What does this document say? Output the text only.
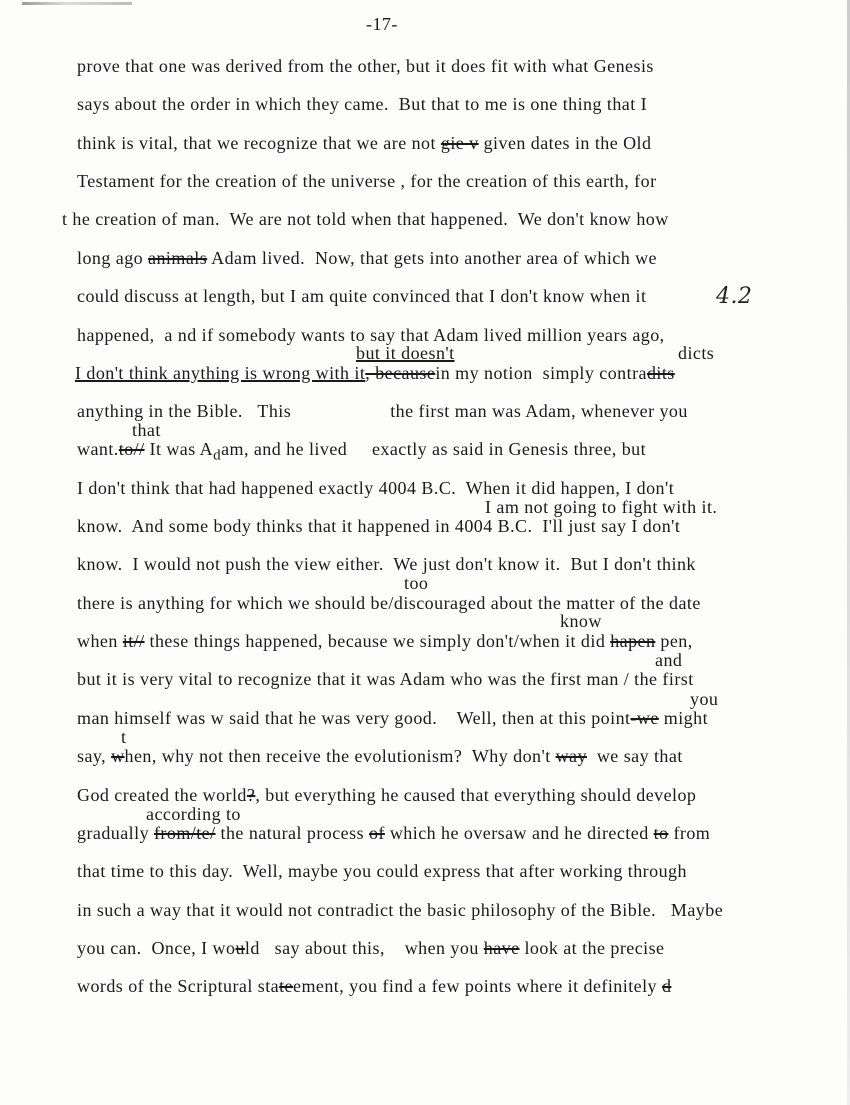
-17-
4.2
prove that one was derived from the other, but it does fit with what Genesis
says about the order in which they came.  But that to me is one thing that I
think is vital, that we recognize that we are not gie v given dates in the Old
Testament for the creation of the universe , for the creation of this earth, for
t he creation of man.  We are not told when that happened.  We don't know how
long ago animals Adam lived.  Now, that gets into another area of which we
could discuss at length, but I am quite convinced that I don't know when it
happened,  a nd if somebody wants to say that Adam lived million years ago,
but it doesn't	dicts
I don't think anything is wrong with it, becausein my notion  simply contradits
anything in the Bible.   This                    the first man was Adam, whenever you
that
want.to// It was $A_dam$, and he lived     exactly as said in Genesis three, but
I don't think that had happened exactly 4004 B.C.  When it did happen, I don't
I am not going to fight with it.
know.  And some body thinks that it happened in 4004 B.C.  I'll just say I don't
know.  I would not push the view either.  We just don't know it.  But I don't think
too
there is anything for which we should be/discouraged about the matter of the date
know
when it// these things happened, because we simply don't/when it did hapen pen,
and
but it is very vital to recognize that it was Adam who was the first man / the first
you
man himself was w said that he was very good.    Well, then at this point-we might
t
say, when, why not then receive the evolutionism?  Why don't way  we say that
God created the world?, but everything he caused that everything should develop
according to
gradually from/te/ the natural process of which he oversaw and he directed to from
that time to this day.  Well, maybe you could express that after working through
in such a way that it would not contradict the basic philosophy of the Bible.   Maybe
you can.  Once, I would   say about this,    when you have look at the precise
words of the Scriptural stateement, you find a few points where it definitely d
